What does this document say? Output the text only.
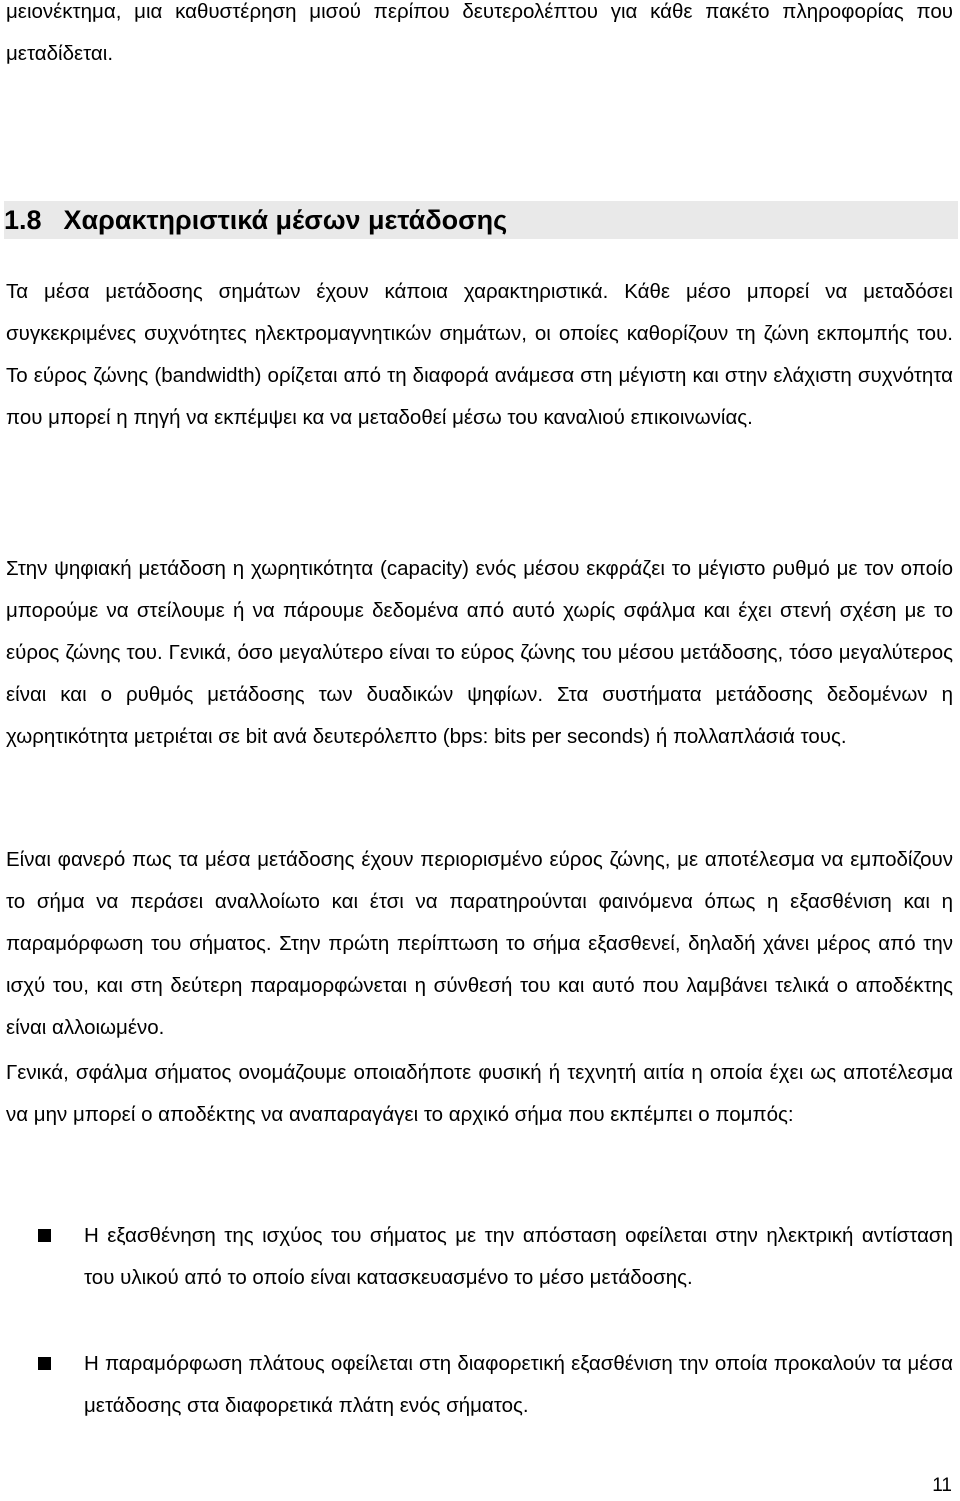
μειονέκτημα, μια καθυστέρηση μισού περίπου δευτερολέπτου για κάθε πακέτο πληροφορίας που μεταδίδεται.

1.8 Χαρακτηριστικά μέσων μετάδοσης

Τα μέσα μετάδοσης σημάτων έχουν κάποια χαρακτηριστικά. Κάθε μέσο μπορεί να μεταδόσει συγκεκριμένες συχνότητες ηλεκτρομαγνητικών σημάτων, οι οποίες καθορίζουν τη ζώνη εκπομπής του. Το εύρος ζώνης (bandwidth) ορίζεται από τη διαφορά ανάμεσα στη μέγιστη και στην ελάχιστη συχνότητα που μπορεί η πηγή να εκπέμψει κα να μεταδοθεί μέσω του καναλιού επικοινωνίας.

Στην ψηφιακή μετάδοση η χωρητικότητα (capacity) ενός μέσου εκφράζει το μέγιστο ρυθμό με τον οποίο μπορούμε να στείλουμε ή να πάρουμε δεδομένα από αυτό χωρίς σφάλμα και έχει στενή σχέση με το εύρος ζώνης του. Γενικά, όσο μεγαλύτερο είναι το εύρος ζώνης του μέσου μετάδοσης, τόσο μεγαλύτερος είναι και ο ρυθμός μετάδοσης των δυαδικών ψηφίων. Στα συστήματα μετάδοσης δεδομένων η χωρητικότητα μετριέται σε bit ανά δευτερόλεπτο (bps: bits per seconds) ή πολλαπλάσιά τους.

Είναι φανερό πως τα μέσα μετάδοσης έχουν περιορισμένο εύρος ζώνης, με αποτέλεσμα να εμποδίζουν το σήμα να περάσει αναλλοίωτο και έτσι να παρατηρούνται φαινόμενα όπως η εξασθένιση και η παραμόρφωση του σήματος. Στην πρώτη περίπτωση το σήμα εξασθενεί, δηλαδή χάνει μέρος από την ισχύ του, και στη δεύτερη παραμορφώνεται η σύνθεσή του και αυτό που λαμβάνει τελικά ο αποδέκτης είναι αλλοιωμένο.

Γενικά, σφάλμα σήματος ονομάζουμε οποιαδήποτε φυσική ή τεχνητή αιτία η οποία έχει ως αποτέλεσμα να μην μπορεί ο αποδέκτης να αναπαραγάγει το αρχικό σήμα που εκπέμπει ο πομπός:

Η εξασθένηση της ισχύος του σήματος με την απόσταση οφείλεται στην ηλεκτρική αντίσταση του υλικού από το οποίο είναι κατασκευασμένο το μέσο μετάδοσης.

Η παραμόρφωση πλάτους οφείλεται στη διαφορετική εξασθένιση την οποία προκαλούν τα μέσα μετάδοσης στα διαφορετικά πλάτη ενός σήματος.

11
